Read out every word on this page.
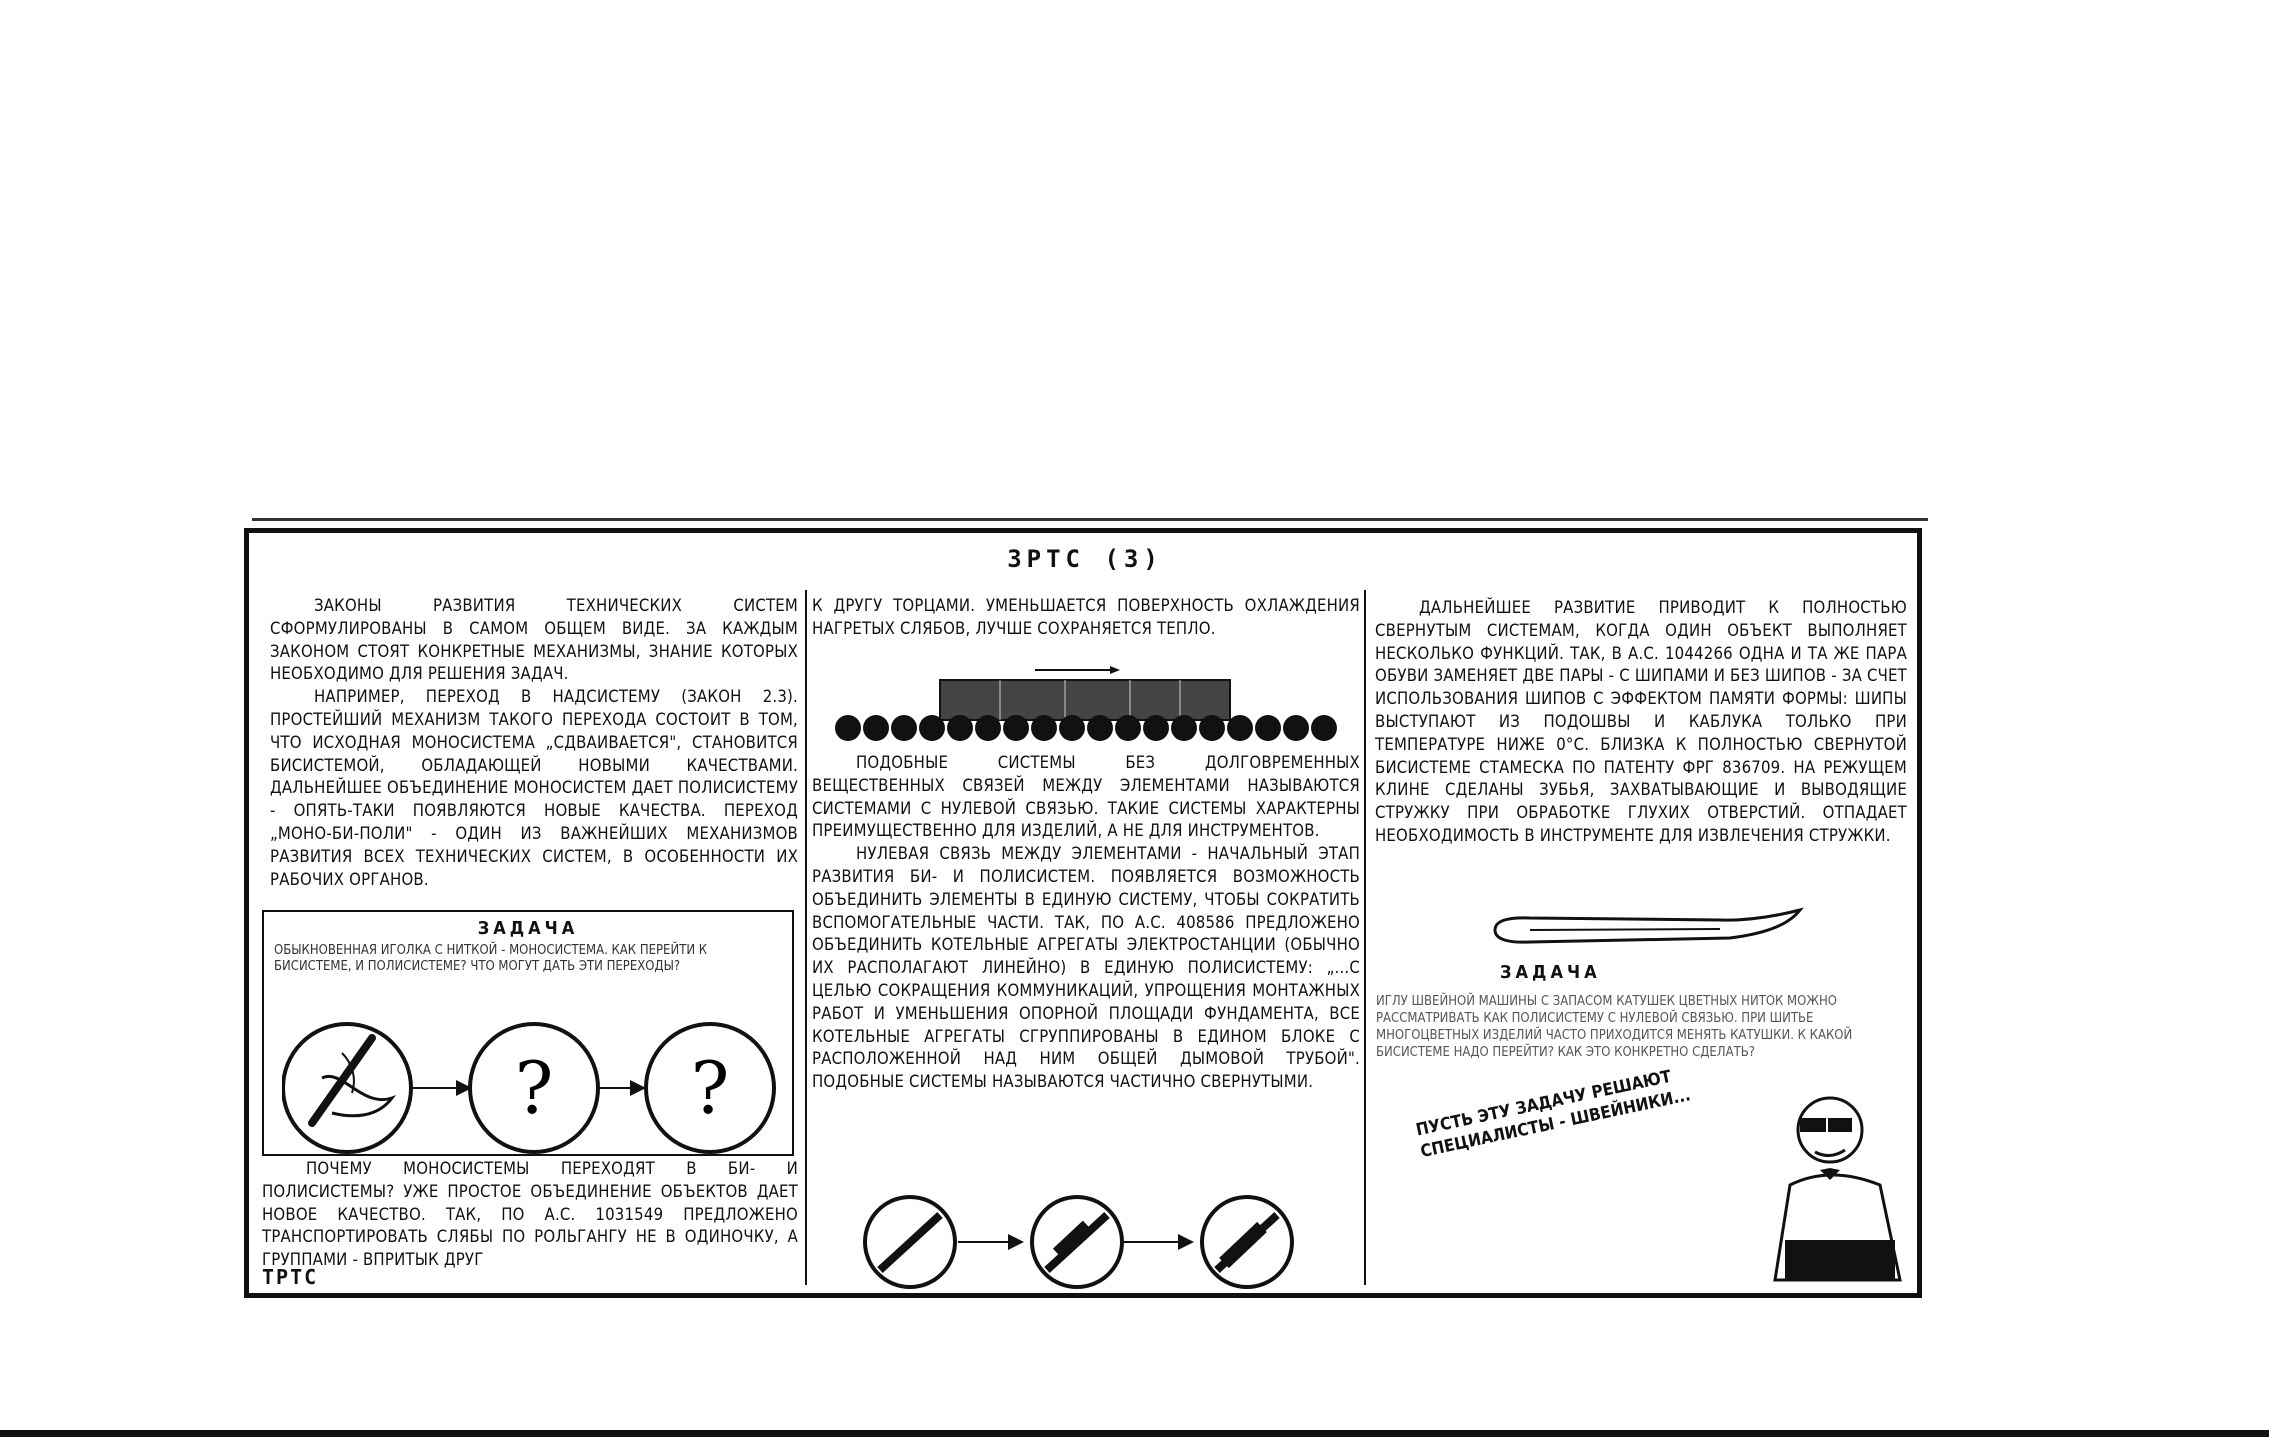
ЗРТС (3)

ЗАКОНЫ РАЗВИТИЯ ТЕХНИЧЕСКИХ СИСТЕМ СФОРМУЛИРОВАНЫ В САМОМ ОБЩЕМ ВИДЕ. ЗА КАЖДЫМ ЗАКОНОМ СТОЯТ КОНКРЕТНЫЕ МЕХАНИЗМЫ, ЗНАНИЕ КОТОРЫХ НЕОБХОДИМО ДЛЯ РЕШЕНИЯ ЗАДАЧ.

НАПРИМЕР, ПЕРЕХОД В НАДСИСТЕМУ (ЗАКОН 2.3). ПРОСТЕЙШИЙ МЕХАНИЗМ ТАКОГО ПЕРЕХОДА СОСТОИТ В ТОМ, ЧТО ИСХОДНАЯ МОНОСИСТЕМА „СДВАИВАЕТСЯ", СТАНОВИТСЯ БИСИСТЕМОЙ, ОБЛАДАЮЩЕЙ НОВЫМИ КАЧЕСТВАМИ. ДАЛЬНЕЙШЕЕ ОБЪЕДИНЕНИЕ МОНОСИСТЕМ ДАЕТ ПОЛИСИСТЕМУ - ОПЯТЬ-ТАКИ ПОЯВЛЯЮТСЯ НОВЫЕ КАЧЕСТВА. ПЕРЕХОД „МОНО-БИ-ПОЛИ" - ОДИН ИЗ ВАЖНЕЙШИХ МЕХАНИЗМОВ РАЗВИТИЯ ВСЕХ ТЕХНИЧЕСКИХ СИСТЕМ, В ОСОБЕННОСТИ ИХ РАБОЧИХ ОРГАНОВ.

ЗАДАЧА

ОБЫКНОВЕННАЯ ИГОЛКА С НИТКОЙ - МОНОСИСТЕМА. КАК ПЕРЕЙТИ К БИСИСТЕМЕ, И ПОЛИСИСТЕМЕ? ЧТО МОГУТ ДАТЬ ЭТИ ПЕРЕХОДЫ?

? ?

ПОЧЕМУ МОНОСИСТЕМЫ ПЕРЕХОДЯТ В БИ- И ПОЛИСИСТЕМЫ? УЖЕ ПРОСТОЕ ОБЪЕДИНЕНИЕ ОБЪЕКТОВ ДАЕТ НОВОЕ КАЧЕСТВО. ТАК, ПО А.С. 1031549 ПРЕДЛОЖЕНО ТРАНСПОРТИРОВАТЬ СЛЯБЫ ПО РОЛЬГАНГУ НЕ В ОДИНОЧКУ, А ГРУППАМИ - ВПРИТЫК ДРУГ

ТРТС

К ДРУГУ ТОРЦАМИ. УМЕНЬШАЕТСЯ ПОВЕРХНОСТЬ ОХЛАЖДЕНИЯ НАГРЕТЫХ СЛЯБОВ, ЛУЧШЕ СОХРАНЯЕТСЯ ТЕПЛО.

ПОДОБНЫЕ СИСТЕМЫ БЕЗ ДОЛГОВРЕМЕННЫХ ВЕЩЕСТВЕННЫХ СВЯЗЕЙ МЕЖДУ ЭЛЕМЕНТАМИ НАЗЫВАЮТСЯ СИСТЕМАМИ С НУЛЕВОЙ СВЯЗЬЮ. ТАКИЕ СИСТЕМЫ ХАРАКТЕРНЫ ПРЕИМУЩЕСТВЕННО ДЛЯ ИЗДЕЛИЙ, А НЕ ДЛЯ ИНСТРУМЕНТОВ.

НУЛЕВАЯ СВЯЗЬ МЕЖДУ ЭЛЕМЕНТАМИ - НАЧАЛЬНЫЙ ЭТАП РАЗВИТИЯ БИ- И ПОЛИСИСТЕМ. ПОЯВЛЯЕТСЯ ВОЗМОЖНОСТЬ ОБЪЕДИНИТЬ ЭЛЕМЕНТЫ В ЕДИНУЮ СИСТЕМУ, ЧТОБЫ СОКРАТИТЬ ВСПОМОГАТЕЛЬНЫЕ ЧАСТИ. ТАК, ПО А.С. 408586 ПРЕДЛОЖЕНО ОБЪЕДИНИТЬ КОТЕЛЬНЫЕ АГРЕГАТЫ ЭЛЕКТРОСТАНЦИИ (ОБЫЧНО ИХ РАСПОЛАГАЮТ ЛИНЕЙНО) В ЕДИНУЮ ПОЛИСИСТЕМУ: „...С ЦЕЛЬЮ СОКРАЩЕНИЯ КОММУНИКАЦИЙ, УПРОЩЕНИЯ МОНТАЖНЫХ РАБОТ И УМЕНЬШЕНИЯ ОПОРНОЙ ПЛОЩАДИ ФУНДАМЕНТА, ВСЕ КОТЕЛЬНЫЕ АГРЕГАТЫ СГРУППИРОВАНЫ В ЕДИНОМ БЛОКЕ С РАСПОЛОЖЕННОЙ НАД НИМ ОБЩЕЙ ДЫМОВОЙ ТРУБОЙ". ПОДОБНЫЕ СИСТЕМЫ НАЗЫВАЮТСЯ ЧАСТИЧНО СВЕРНУТЫМИ.

ДАЛЬНЕЙШЕЕ РАЗВИТИЕ ПРИВОДИТ К ПОЛНОСТЬЮ СВЕРНУТЫМ СИСТЕМАМ, КОГДА ОДИН ОБЪЕКТ ВЫПОЛНЯЕТ НЕСКОЛЬКО ФУНКЦИЙ. ТАК, В А.С. 1044266 ОДНА И ТА ЖЕ ПАРА ОБУВИ ЗАМЕНЯЕТ ДВЕ ПАРЫ - С ШИПАМИ И БЕЗ ШИПОВ - ЗА СЧЕТ ИСПОЛЬЗОВАНИЯ ШИПОВ С ЭФФЕКТОМ ПАМЯТИ ФОРМЫ: ШИПЫ ВЫСТУПАЮТ ИЗ ПОДОШВЫ И КАБЛУКА ТОЛЬКО ПРИ ТЕМПЕРАТУРЕ НИЖЕ 0°С. БЛИЗКА К ПОЛНОСТЬЮ СВЕРНУТОЙ БИСИСТЕМЕ СТАМЕСКА ПО ПАТЕНТУ ФРГ 836709. НА РЕЖУЩЕМ КЛИНЕ СДЕЛАНЫ ЗУБЬЯ, ЗАХВАТЫВАЮЩИЕ И ВЫВОДЯЩИЕ СТРУЖКУ ПРИ ОБРАБОТКЕ ГЛУХИХ ОТВЕРСТИЙ. ОТПАДАЕТ НЕОБХОДИМОСТЬ В ИНСТРУМЕНТЕ ДЛЯ ИЗВЛЕЧЕНИЯ СТРУЖКИ.

ЗАДАЧА
ИГЛУ ШВЕЙНОЙ МАШИНЫ С ЗАПАСОМ КАТУШЕК ЦВЕТНЫХ НИТОК МОЖНО РАССМАТРИВАТЬ КАК ПОЛИСИСТЕМУ С НУЛЕВОЙ СВЯЗЬЮ. ПРИ ШИТЬЕ МНОГОЦВЕТНЫХ ИЗДЕЛИЙ ЧАСТО ПРИХОДИТСЯ МЕНЯТЬ КАТУШКИ. К КАКОЙ БИСИСТЕМЕ НАДО ПЕРЕЙТИ? КАК ЭТО КОНКРЕТНО СДЕЛАТЬ?
ПУСТЬ ЭТУ ЗАДАЧУ РЕШАЮТ СПЕЦИАЛИСТЫ - ШВЕЙНИКИ...
